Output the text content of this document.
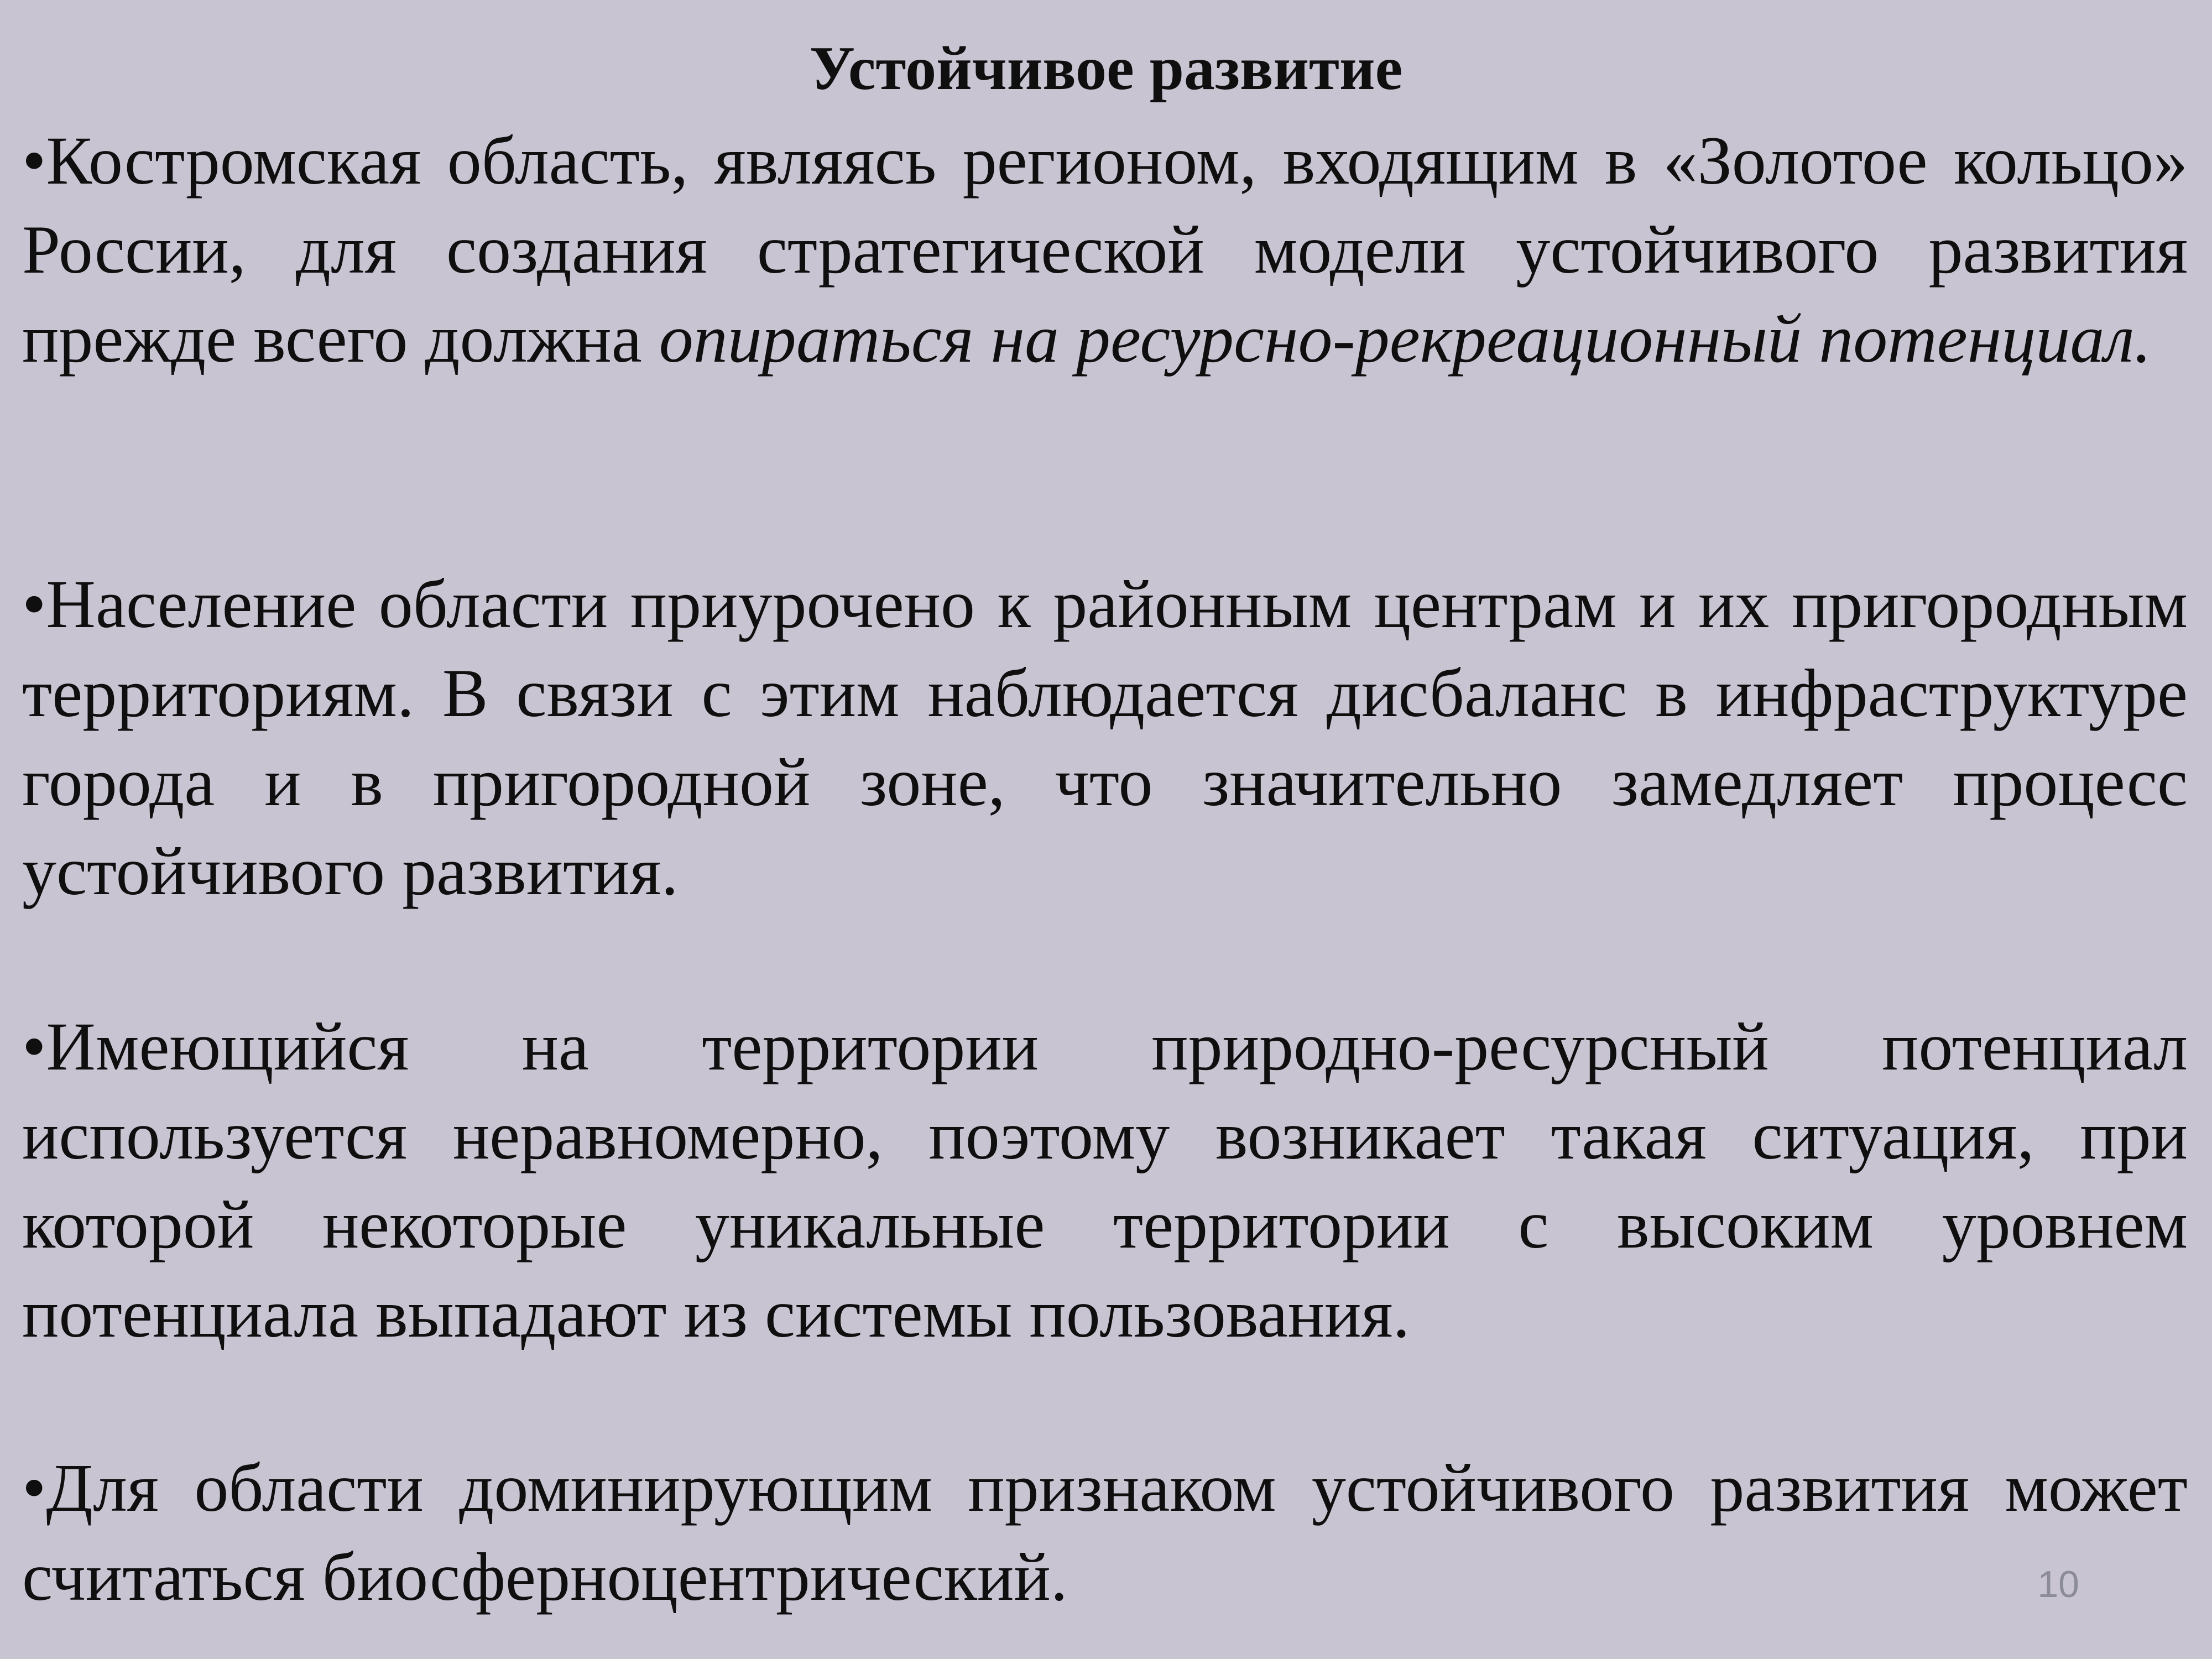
Устойчивое развитие

•Костромская область, являясь регионом, входящим в «Золотое кольцо» России, для создания стратегической модели устойчивого развития прежде всего должна опираться на ресурсно-рекреационный потенциал.

•Население области приурочено к районным центрам и их пригородным территориям. В связи с этим наблюдается дисбаланс в инфраструктуре города и в пригородной зоне, что значительно замедляет процесс устойчивого развития.

•Имеющийся на территории природно-ресурсный потенциал используется неравномерно, поэтому возникает такая ситуация, при которой некоторые уникальные территории с высоким уровнем потенциала выпадают из системы пользования.

•Для области доминирующим признаком устойчивого развития может считаться биосферноцентрический.	10
